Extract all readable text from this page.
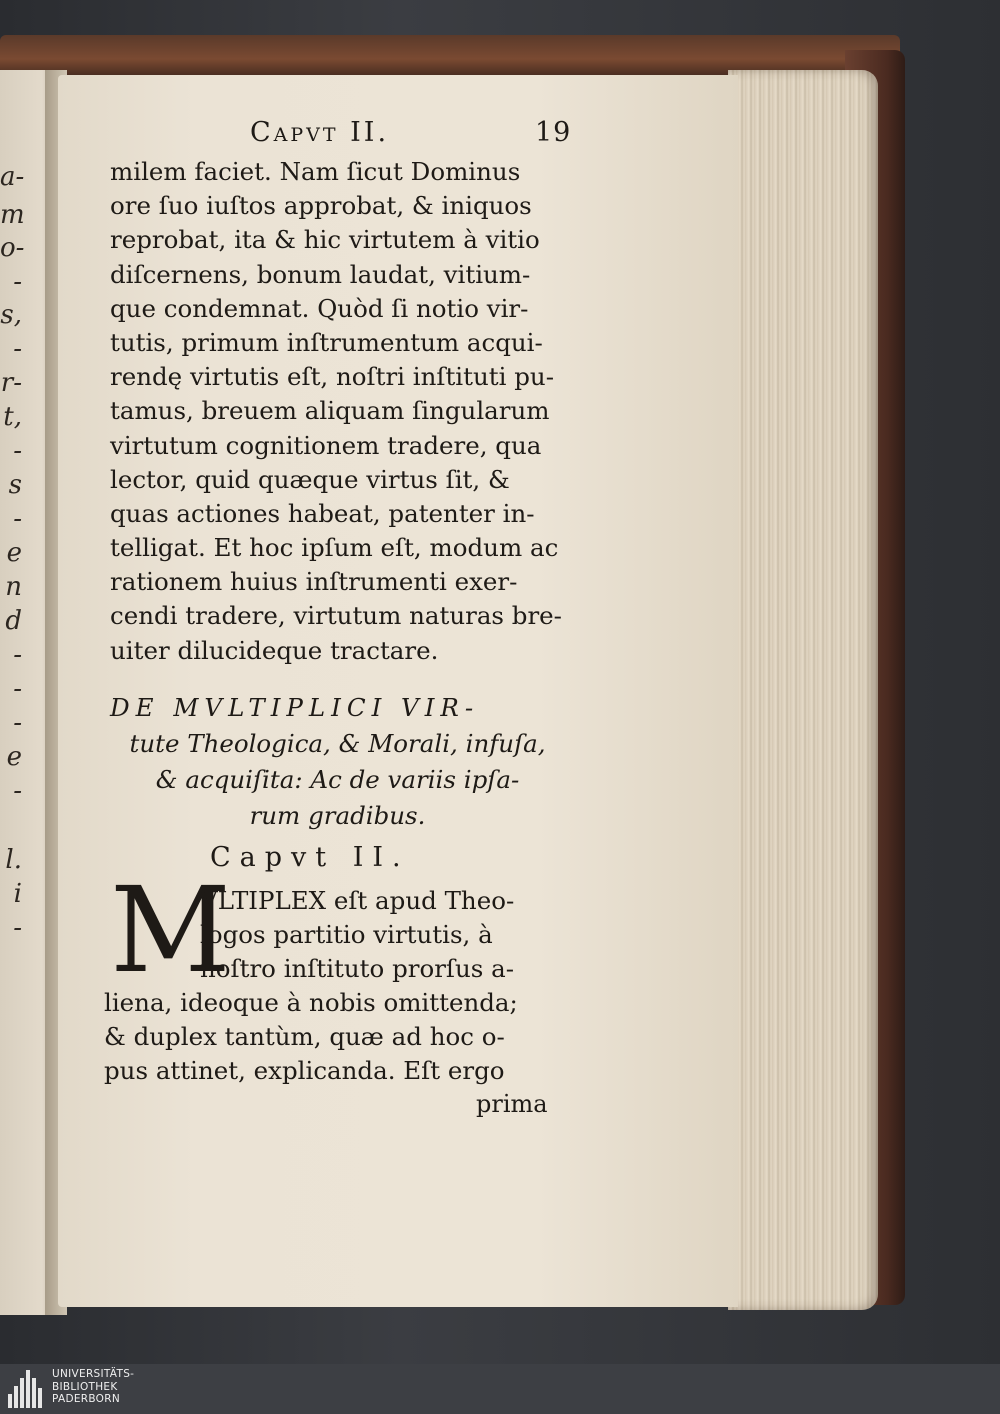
a-
m
o-
-
s,
-
r-
t,
-
s
-
e
n
d
-
-
-
e
-
l.
i
-
Capvt II.	19
milem faciet. Nam ſicut Dominus
ore ſuo iuſtos approbat, & iniquos
reprobat, ita & hic virtutem à vitio
diſcernens, bonum laudat, vitium-
que condemnat. Quòd ſi notio vir-
tutis, primum inſtrumentum acqui-
rendę virtutis eſt, noſtri inſtituti pu-
tamus, breuem aliquam ſingularum
virtutum cognitionem tradere, qua
lector, quid quæque virtus ſit, &
quas actiones habeat, patenter in-
telligat. Et hoc ipſum eſt, modum ac
rationem huius inſtrumenti exer-
cendi tradere, virtutum naturas bre-
uiter dilucideque tractare.
DE MVLTIPLICI VIR-
tute Theologica, & Morali, infuſa,
& acquiſita: Ac de variis ipſa-
rum gradibus.
Capvt II.
M
VLTIPLEX eſt apud Theo-
logos partitio virtutis, à
noſtro inſtituto prorſus a-
liena, ideoque à nobis omittenda;
& duplex tantùm, quæ ad hoc o-
pus attinet, explicanda. Eſt ergo
prima
UNIVERSITÄTS-
BIBLIOTHEK
PADERBORN
